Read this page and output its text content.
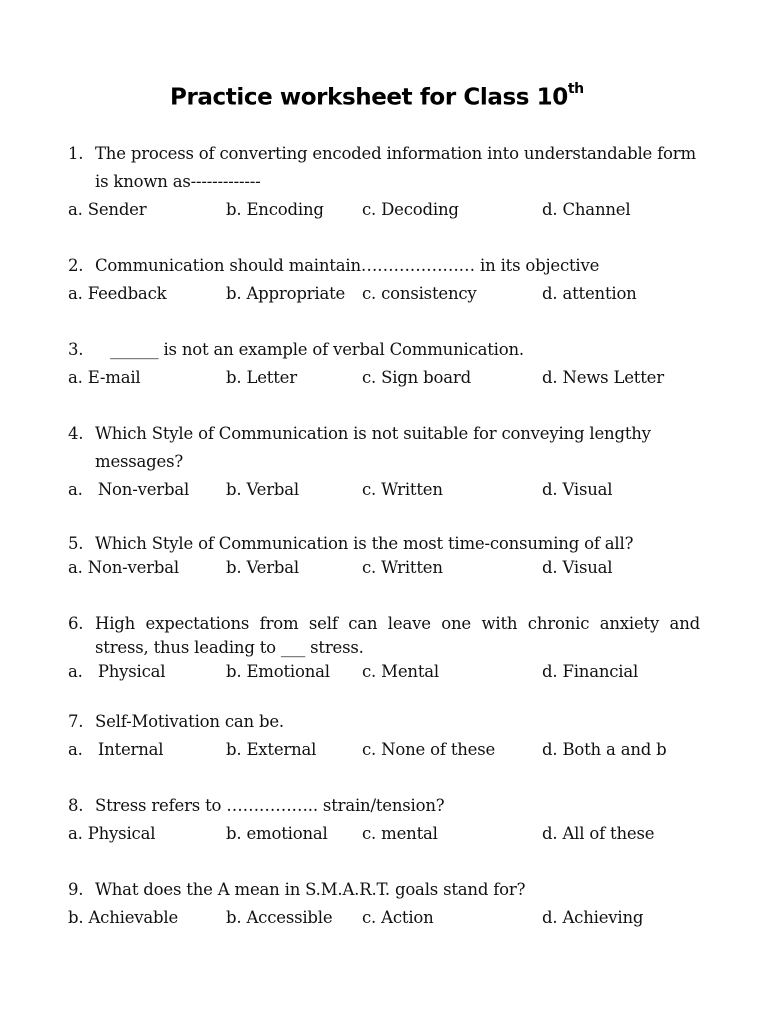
Practice worksheet for Class 10th
1. The process of converting encoded information into understandable form is known as-------------
a. Sender	b. Encoding c. Decoding	d. Channel
2. Communication should maintain………………… in its objective
a. Feedback	b. Appropriate c. consistency	d. attention
3. ______ is not an example of verbal Communication.
a. E-mail	b. Letter	c. Sign board	d. News Letter
4. Which Style of Communication is not suitable for conveying lengthy messages?
a.   Non-verbal b. Verbal	c. Written	d. Visual
5. Which Style of Communication is the most time-consuming of all?
a. Non-verbal	b. Verbal	c. Written	d. Visual
6. High expectations from self can leave one with chronic anxiety and stress, thus leading to ___ stress.
a.   Physical	b. Emotional c. Mental	d. Financial
7. Self-Motivation can be.
a.   Internal	b. External	c. None of these	d. Both a and b
8. Stress refers to …………….. strain/tension?
a. Physical	b. emotional c. mental	d. All of these
9. What does the A mean in S.M.A.R.T. goals stand for?
b. Achievable	b. Accessible c. Action	d. Achieving
